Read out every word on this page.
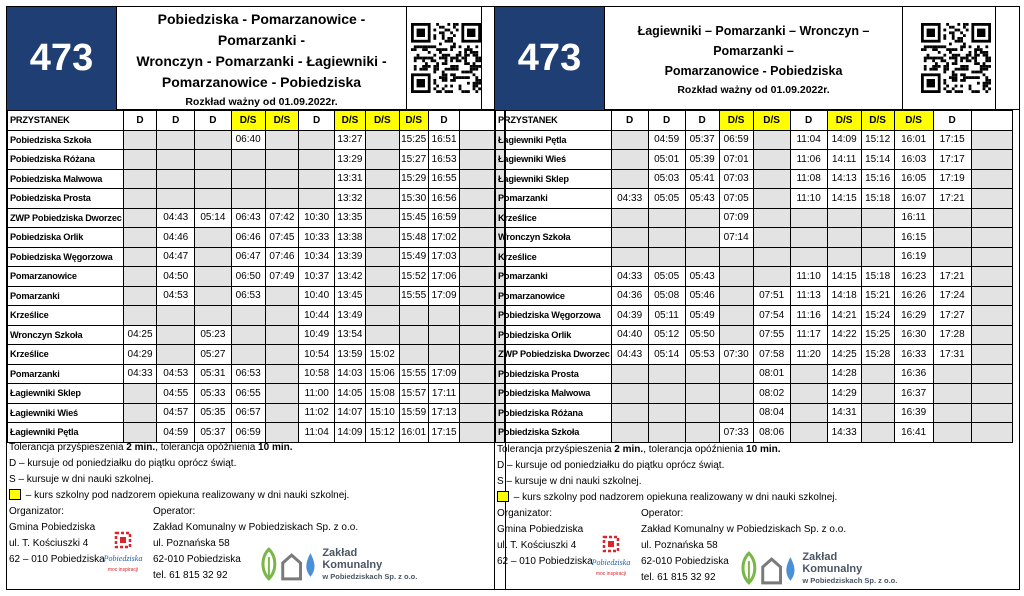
473
Pobiedziska - Pomarzanowice - Pomarzanki -
Wronczyn - Pomarzanki - Łagiewniki -
Pomarzanowice - Pobiedziska
Rozkład ważny od 01.09.2022r.
PRZYSTANEK	D	D	D	D/S	D/S	D	D/S	D/S	D/S	D	
Pobiedziska Szkoła				06:40			13:27		15:25	16:51	
Pobiedziska Różana							13:29		15:27	16:53	
Pobiedziska Malwowa							13:31		15:29	16:55	
Pobiedziska Prosta							13:32		15:30	16:56	
ZWP Pobiedziska Dworzec		04:43	05:14	06:43	07:42	10:30	13:35		15:45	16:59	
Pobiedziska Orlik		04:46		06:46	07:45	10:33	13:38		15:48	17:02	
Pobiedziska Węgorzowa		04:47		06:47	07:46	10:34	13:39		15:49	17:03	
Pomarzanowice		04:50		06:50	07:49	10:37	13:42		15:52	17:06	
Pomarzanki		04:53		06:53		10:40	13:45		15:55	17:09	
Krześlice						10:44	13:49				
Wronczyn Szkoła	04:25		05:23			10:49	13:54				
Krześlice	04:29		05:27			10:54	13:59	15:02			
Pomarzanki	04:33	04:53	05:31	06:53		10:58	14:03	15:06	15:55	17:09	
Łagiewniki Sklep		04:55	05:33	06:55		11:00	14:05	15:08	15:57	17:11	
Łagiewniki Wieś		04:57	05:35	06:57		11:02	14:07	15:10	15:59	17:13	
Łagiewniki Pętla		04:59	05:37	06:59		11:04	14:09	15:12	16:01	17:15	
Tolerancja przyśpieszenia 2 min., tolerancja opóźnienia 10 min.
D – kursuje od poniedziałku do piątku oprócz świąt.
S – kursuje w dni nauki szkolnej.
– kurs szkolny pod nadzorem opiekuna realizowany w dni nauki szkolnej.
Organizator:
Gmina Pobiedziska
ul. T. Kościuszki 4
62 – 010 Pobiedziska
Operator:
Zakład Komunalny w Pobiedziskach Sp. z o.o.
ul. Poznańska 58
62-010 Pobiedziska
tel. 61 815 32 92
Pobiedziska
moc inspiracji
Zakład Komunalny
w Pobiedziskach Sp. z o.o.
473
Łagiewniki – Pomarzanki – Wronczyn – Pomarzanki –
Pomarzanowice - Pobiedziska
Rozkład ważny od 01.09.2022r.
PRZYSTANEK	D	D	D	D/S	D/S	D	D/S	D/S	D/S	D	
Łagiewniki Pętla		04:59	05:37	06:59		11:04	14:09	15:12	16:01	17:15	
Łagiewniki Wieś		05:01	05:39	07:01		11:06	14:11	15:14	16:03	17:17	
Łagiewniki Sklep		05:03	05:41	07:03		11:08	14:13	15:16	16:05	17:19	
Pomarzanki	04:33	05:05	05:43	07:05		11:10	14:15	15:18	16:07	17:21	
Krześlice				07:09					16:11		
Wronczyn Szkoła				07:14					16:15		
Krześlice									16:19		
Pomarzanki	04:33	05:05	05:43			11:10	14:15	15:18	16:23	17:21	
Pomarzanowice	04:36	05:08	05:46		07:51	11:13	14:18	15:21	16:26	17:24	
Pobiedziska Węgorzowa	04:39	05:11	05:49		07:54	11:16	14:21	15:24	16:29	17:27	
Pobiedziska Orlik	04:40	05:12	05:50		07:55	11:17	14:22	15:25	16:30	17:28	
ZWP Pobiedziska Dworzec	04:43	05:14	05:53	07:30	07:58	11:20	14:25	15:28	16:33	17:31	
Pobiedziska Prosta					08:01		14:28		16:36		
Pobiedziska Malwowa					08:02		14:29		16:37		
Pobiedziska Różana					08:04		14:31		16:39		
Pobiedziska Szkoła				07:33	08:06		14:33		16:41		
Tolerancja przyśpieszenia 2 min., tolerancja opóźnienia 10 min.
D – kursuje od poniedziałku do piątku oprócz świąt.
S – kursuje w dni nauki szkolnej.
– kurs szkolny pod nadzorem opiekuna realizowany w dni nauki szkolnej.
Organizator:
Gmina Pobiedziska
ul. T. Kościuszki 4
62 – 010 Pobiedziska
Operator:
Zakład Komunalny w Pobiedziskach Sp. z o.o.
ul. Poznańska 58
62-010 Pobiedziska
tel. 61 815 32 92
Pobiedziska
moc inspiracji
Zakład Komunalny
w Pobiedziskach Sp. z o.o.
